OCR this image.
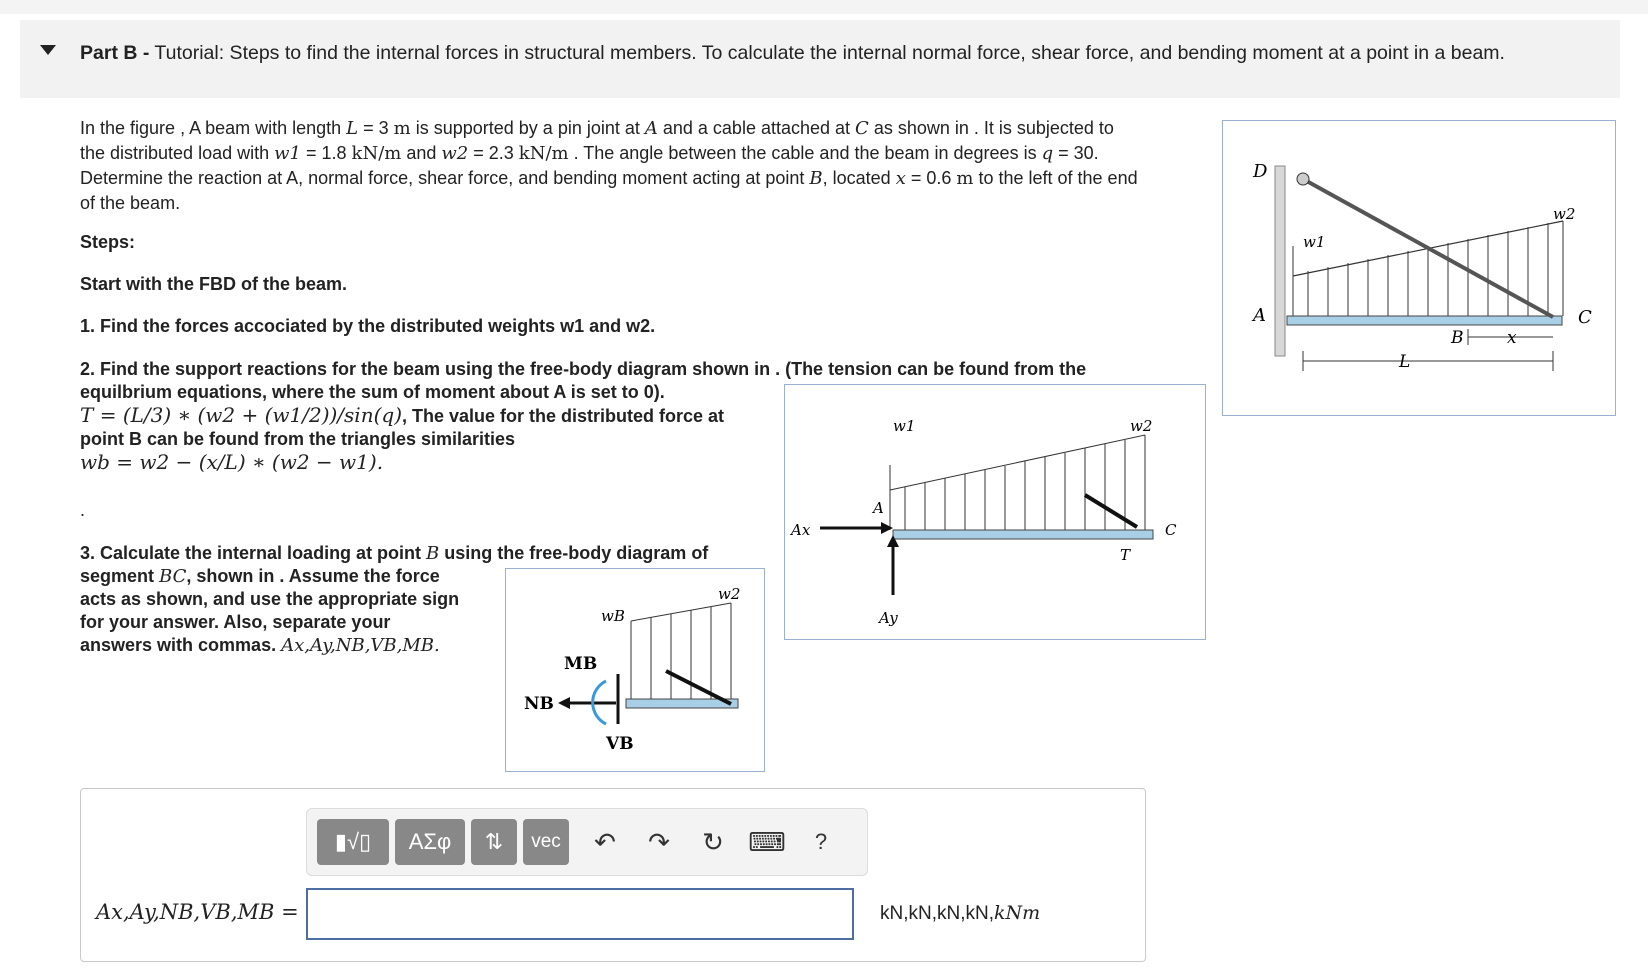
Part B - Tutorial: Steps to find the internal forces in structural members. To calculate the internal normal force, shear force, and bending moment at a point in a beam.
In the figure , A beam with length L = 3 m is supported by a pin joint at A and a cable attached at C as shown in . It is subjected to
the distributed load with w1 = 1.8 kN/m and w2 = 2.3 kN/m . The angle between the cable and the beam in degrees is q = 30.
Determine the reaction at A, normal force, shear force, and bending moment acting at point B, located x = 0.6 m to the left of the end
of the beam.
Steps:
Start with the FBD of the beam.
1. Find the forces accociated by the distributed weights w1 and w2.
2. Find the support reactions for the beam using the free-body diagram shown in . (The tension can be found from the
equilbrium equations, where the sum of moment about A is set to 0).
T = (L/3) ∗ (w2 + (w1/2))/sin(q), The value for the distributed force at
point B can be found from the triangles similarities
wb = w2 − (x/L) ∗ (w2 − w1).
.
3. Calculate the internal loading at point B using the free-body diagram of
segment BC, shown in . Assume the force
acts as shown, and use the appropriate sign
for your answer. Also, separate your
answers with commas. Ax,Ay,NB,VB,MB.
D
A	C
w1
w2
B	x
L
w1	w2
A
Ax
Ay
T
C
wB
w2
MB
NB
VB
▮√▯	ΑΣφ	⇅	vec	↶	↷	↻ ⌨	?
Ax,Ay,NB,VB,MB =	kN,kN,kN,kN,kNm
